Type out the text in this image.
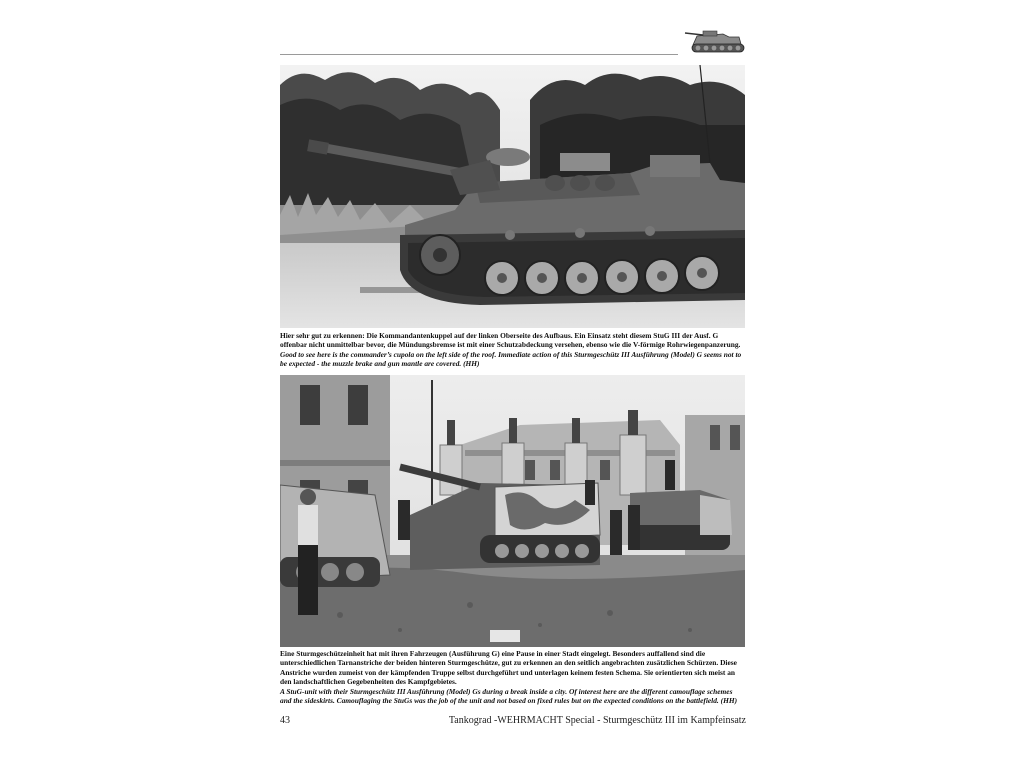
Hier sehr gut zu erkennen: Die Kommandantenkuppel auf der linken Oberseite des Aufbaus. Ein Einsatz steht diesem StuG III der Ausf. G offenbar nicht unmittelbar bevor, die Mündungsbremse ist mit einer Schutzabdeckung versehen, ebenso wie die V-förmige Rohrwiegenpanzerung.

Good to see here is the commander’s cupola on the left side of the roof. Immediate action of this Sturmgeschütz III Ausführung (Model) G seems not to be expected - the muzzle brake and gun mantle are covered. (HH)

Eine Sturmgeschützeinheit hat mit ihren Fahrzeugen (Ausführung G) eine Pause in einer Stadt eingelegt. Besonders auffallend sind die unterschiedlichen Tarnanstriche der beiden hinteren Sturmgeschütze, gut zu erkennen an den seitlich angebrachten zusätzlichen Schürzen. Diese Anstriche wurden zumeist von der kämpfenden Truppe selbst durchgeführt und unterlagen keinem festen Schema. Sie orientierten sich meist an den landschaftlichen Gegebenheiten des Kampfgebietes.

A StuG-unit with their Sturmgeschütz III Ausführung (Model) Gs during a break inside a city. Of interest here are the different camouflage schemes and the sideskirts. Camouflaging the StuGs was the job of the unit and not based on fixed rules but on the expected conditions on the battlefield. (HH)

43	Tankograd -WEHRMACHT Special - Sturmgeschütz III im Kampfeinsatz
